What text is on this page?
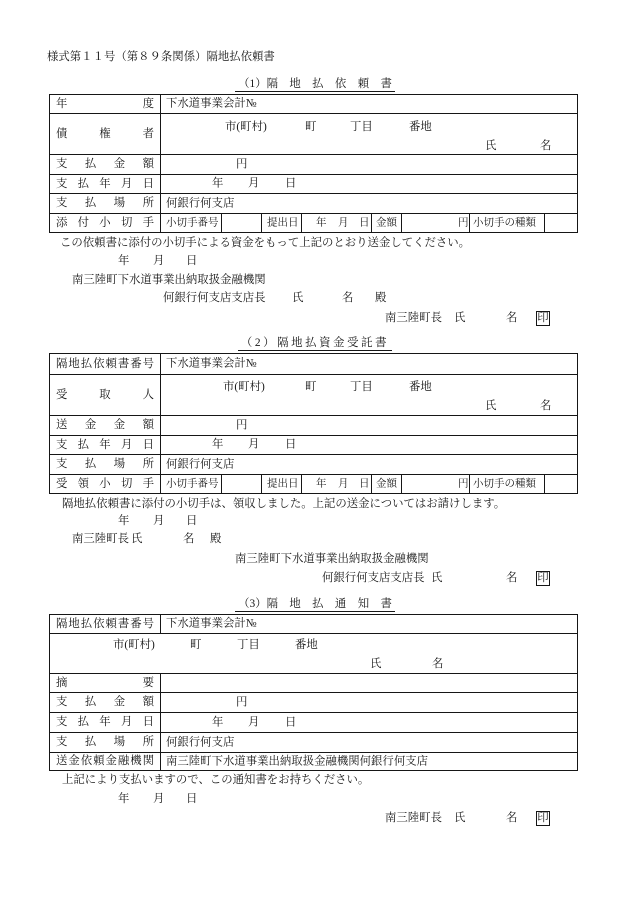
様式第１１号（第８９条関係）隔地払依頼書
（1）隔　地　払　依　頼　書
年 度 下水道事業会計№
債 権 者
市(町村)	町	丁目	番地
氏	名
支 払 金 額	円
支 払 年 月 日	年 月 日
支 払 場 所 何銀行何支店
添 付 小 切 手 小切手番号	提出日 年 月 日 金額	円 小切手の種類
この依頼書に添付の小切手による資金をもって上記のとおり送金してください。
年 月 日
南三陸町下水道事業出納取扱金融機関
何銀行何支店支店長 氏	名 殿
南三陸町長 氏	名 印
（2）隔地払資金受託書
隔地払依頼書番号 下水道事業会計№
受 取 人
市(町村)	町	丁目	番地
氏	名
送 金 金 額	円
支 払 年 月 日	年 月 日
支 払 場 所 何銀行何支店
受 領 小 切 手 小切手番号	提出日 年 月 日 金額	円 小切手の種類
隔地払依頼書に添付の小切手は、領収しました。上記の送金についてはお請けします。
年 月 日
南三陸町長 氏	名 殿
南三陸町下水道事業出納取扱金融機関
何銀行何支店支店長 氏	名 印
（3）隔　地　払　通　知　書
隔地払依頼書番号 下水道事業会計№
市(町村)	町	丁目	番地
氏	名
摘 要
支 払 金 額	円
支 払 年 月 日	年 月 日
支 払 場 所 何銀行何支店
送金依頼金融機関 南三陸町下水道事業出納取扱金融機関何銀行何支店
上記により支払いますので、この通知書をお持ちください。
年 月 日
南三陸町長 氏	名 印
